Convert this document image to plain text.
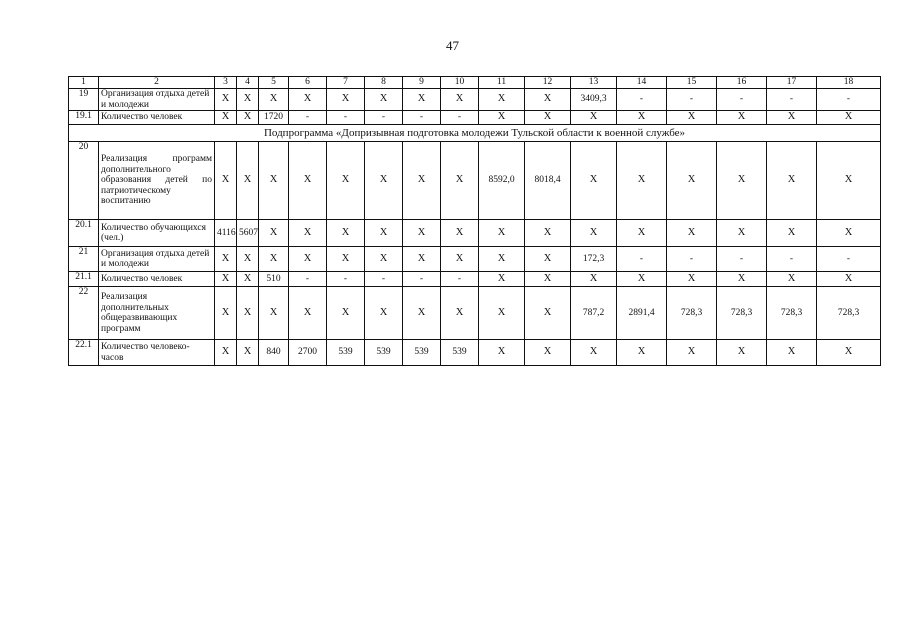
47
1	2	3	4	5	6	7	8	9	10	11	12	13	14	15	16	17	18
19	Организация отдыха детей и молодежи	X	X	X	X	X	X	X	X	X	X	3409,3	-	-	-	-	-
19.1	Количество человек	X	X	1720	-	-	-	-	-	X	X	X	X	X	X	X	X
Подпрограмма «Допризывная подготовка молодежи Тульской области к военной службе»																	
20	Реализация программ дополнительного образования детей по патриотическому воспитанию	X	X	X	X	X	X	X	X	8592,0	8018,4	X	X	X	X	X	X
20.1	Количество обучающихся (чел.)	4116	5607	X	X	X	X	X	X	X	X	X	X	X	X	X	X
21	Организация отдыха детей и молодежи	X	X	X	X	X	X	X	X	X	X	172,3	-	-	-	-	-
21.1	Количество человек	X	X	510	-	-	-	-	-	X	X	X	X	X	X	X	X
22	Реализация дополнительных общеразвивающих программ	X	X	X	X	X	X	X	X	X	X	787,2	2891,4	728,3	728,3	728,3	728,3
22.1	Количество человеко-часов	X	X	840	2700	539	539	539	539	X	X	X	X	X	X	X	X
